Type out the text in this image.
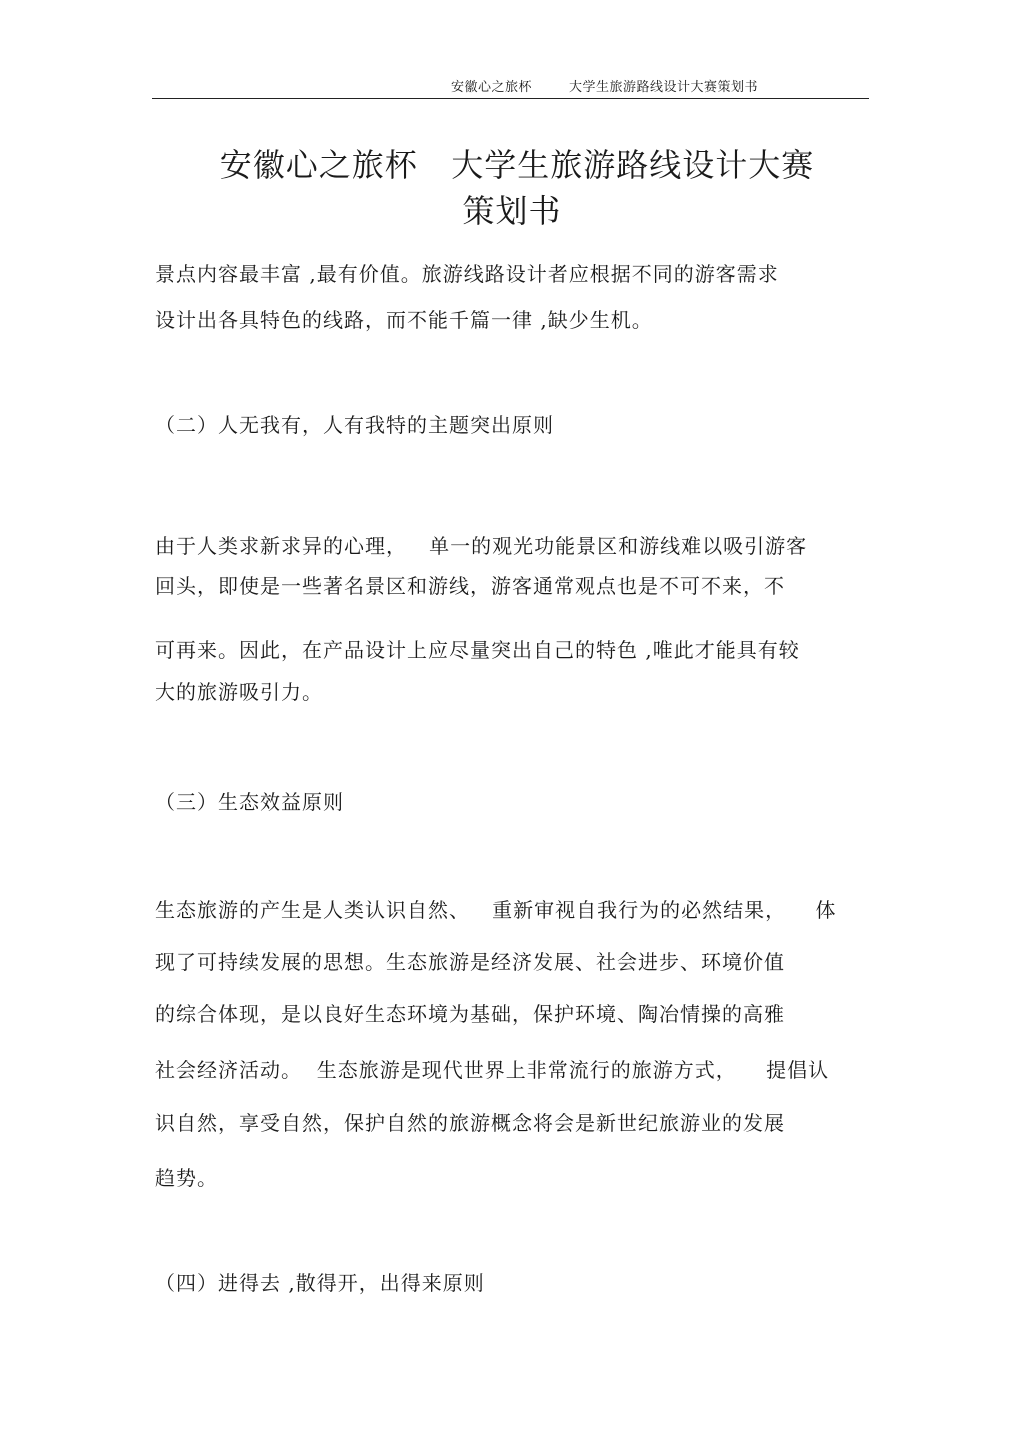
安徽心之旅杯	大学生旅游路线设计大赛策划书
安徽心之旅杯   大学生旅游路线设计大赛
策划书
景点内容最丰富 ,最有价值。旅游线路设计者应根据不同的游客需求
设计出各具特色的线路，而不能千篇一律 ,缺少生机。
（二）人无我有，人有我特的主题突出原则
由于人类求新求异的心理，   单一的观光功能景区和游线难以吸引游客
回头，即使是一些著名景区和游线，游客通常观点也是不可不来，不
可再来。因此，在产品设计上应尽量突出自己的特色 ,唯此才能具有较
大的旅游吸引力。
（三）生态效益原则
生态旅游的产生是人类认识自然、   重新审视自我行为的必然结果，    体
现了可持续发展的思想。生态旅游是经济发展、社会进步、环境价值
的综合体现，是以良好生态环境为基础，保护环境、陶冶情操的高雅
社会经济活动。  生态旅游是现代世界上非常流行的旅游方式，    提倡认
识自然，享受自然，保护自然的旅游概念将会是新世纪旅游业的发展
趋势。
（四）进得去 ,散得开，出得来原则
